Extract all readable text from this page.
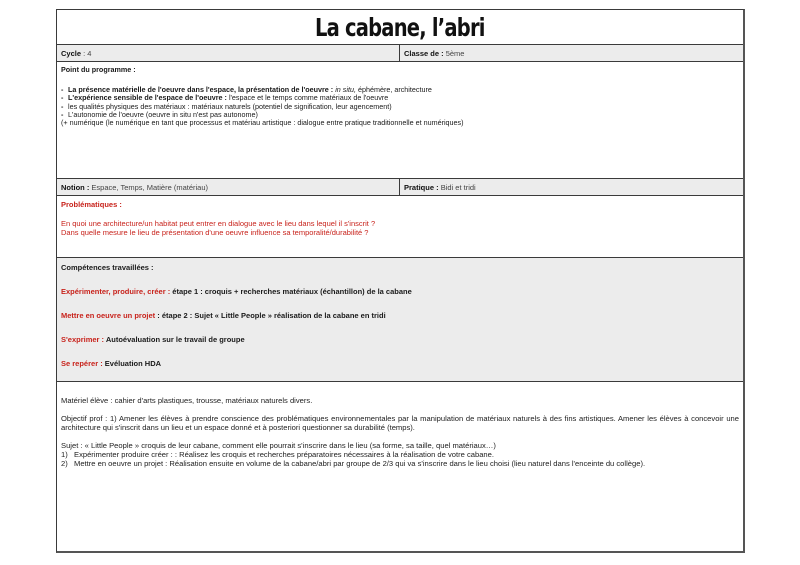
La cabane, l’abri
Cycle : 4	Classe de : 5ème
Point du programme :
- La présence matérielle de l'oeuvre dans l'espace, la présentation de l'oeuvre : in situ, éphémère, architecture
- L'expérience sensible de l'espace de l'oeuvre : l'espace et le temps comme matériaux de l'oeuvre
- les qualités physiques des matériaux : matériaux naturels (potentiel de signification, leur agencement)
- L'autonomie de l'oeuvre (oeuvre in situ n'est pas autonome)
(+ numérique (le numérique en tant que processus et matériau artistique : dialogue entre pratique traditionnelle et numériques)
Notion : Espace, Temps, Matière (matériau)	Pratique : Bidi et tridi
Problématiques :
En quoi une architecture/un habitat peut entrer en dialogue avec le lieu dans lequel il s'inscrit ?
Dans quelle mesure le lieu de présentation d'une oeuvre influence sa temporalité/durabilité ?
Compétences travaillées :
Expérimenter, produire, créer : étape 1 : croquis + recherches matériaux (échantillon) de la cabane
Mettre en oeuvre un projet : étape 2 : Sujet « Little People » réalisation de la cabane en tridi
S'exprimer : Autoévaluation sur le travail de groupe
Se repérer : Evéluation HDA

Matériel élève : cahier d'arts plastiques, trousse, matériaux naturels divers.

Objectif prof : 1) Amener les élèves à prendre conscience des problématiques environnementales par la manipulation de matériaux naturels à des fins artistiques. Amener les élèves à concevoir une architecture qui s'inscrit dans un lieu et un espace donné et à posteriori questionner sa durabilité (temps).

Sujet : « Little People » croquis de leur cabane, comment elle pourrait s'inscrire dans le lieu (sa forme, sa taille, quel matériaux…)

1) Expérimenter produire créer : : Réalisez les croquis et recherches préparatoires nécessaires à la réalisation de votre cabane.
2) Mettre en oeuvre un projet : Réalisation ensuite en volume de la cabane/abri par groupe de 2/3 qui va s'inscrire dans le lieu choisi (lieu naturel dans l'enceinte du collège).
